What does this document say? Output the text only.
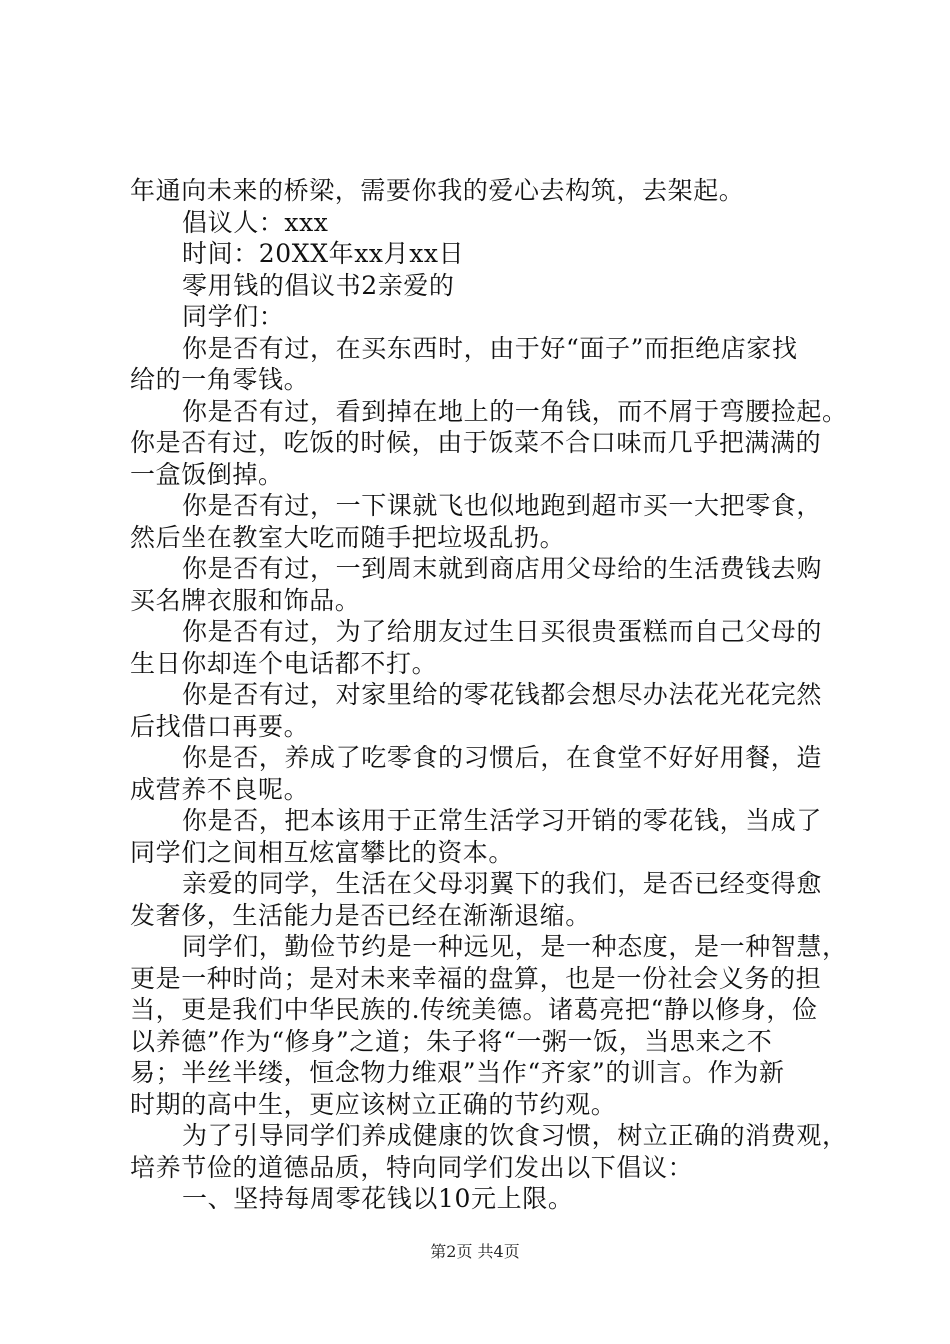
年通向未来的桥梁，需要你我的爱心去构筑，去架起。
倡议人：xxx
时间：20XX年xx月xx日
零用钱的倡议书2亲爱的
同学们：
你是否有过，在买东西时，由于好“面子”而拒绝店家找
给的一角零钱。
你是否有过，看到掉在地上的一角钱，而不屑于弯腰捡起。
你是否有过，吃饭的时候，由于饭菜不合口味而几乎把满满的
一盒饭倒掉。
你是否有过，一下课就飞也似地跑到超市买一大把零食，
然后坐在教室大吃而随手把垃圾乱扔。
你是否有过，一到周末就到商店用父母给的生活费钱去购
买名牌衣服和饰品。
你是否有过，为了给朋友过生日买很贵蛋糕而自己父母的
生日你却连个电话都不打。
你是否有过，对家里给的零花钱都会想尽办法花光花完然
后找借口再要。
你是否，养成了吃零食的习惯后，在食堂不好好用餐，造
成营养不良呢。
你是否，把本该用于正常生活学习开销的零花钱，当成了
同学们之间相互炫富攀比的资本。
亲爱的同学，生活在父母羽翼下的我们，是否已经变得愈
发奢侈，生活能力是否已经在渐渐退缩。
同学们，勤俭节约是一种远见，是一种态度，是一种智慧，
更是一种时尚；是对未来幸福的盘算，也是一份社会义务的担
当，更是我们中华民族的.传统美德。诸葛亮把“静以修身，俭
以养德”作为“修身”之道；朱子将“一粥一饭，当思来之不
易；半丝半缕，恒念物力维艰”当作“齐家”的训言。作为新
时期的高中生，更应该树立正确的节约观。
为了引导同学们养成健康的饮食习惯，树立正确的消费观，
培养节俭的道德品质，特向同学们发出以下倡议：
一、坚持每周零花钱以10元上限。
第2页 共4页
